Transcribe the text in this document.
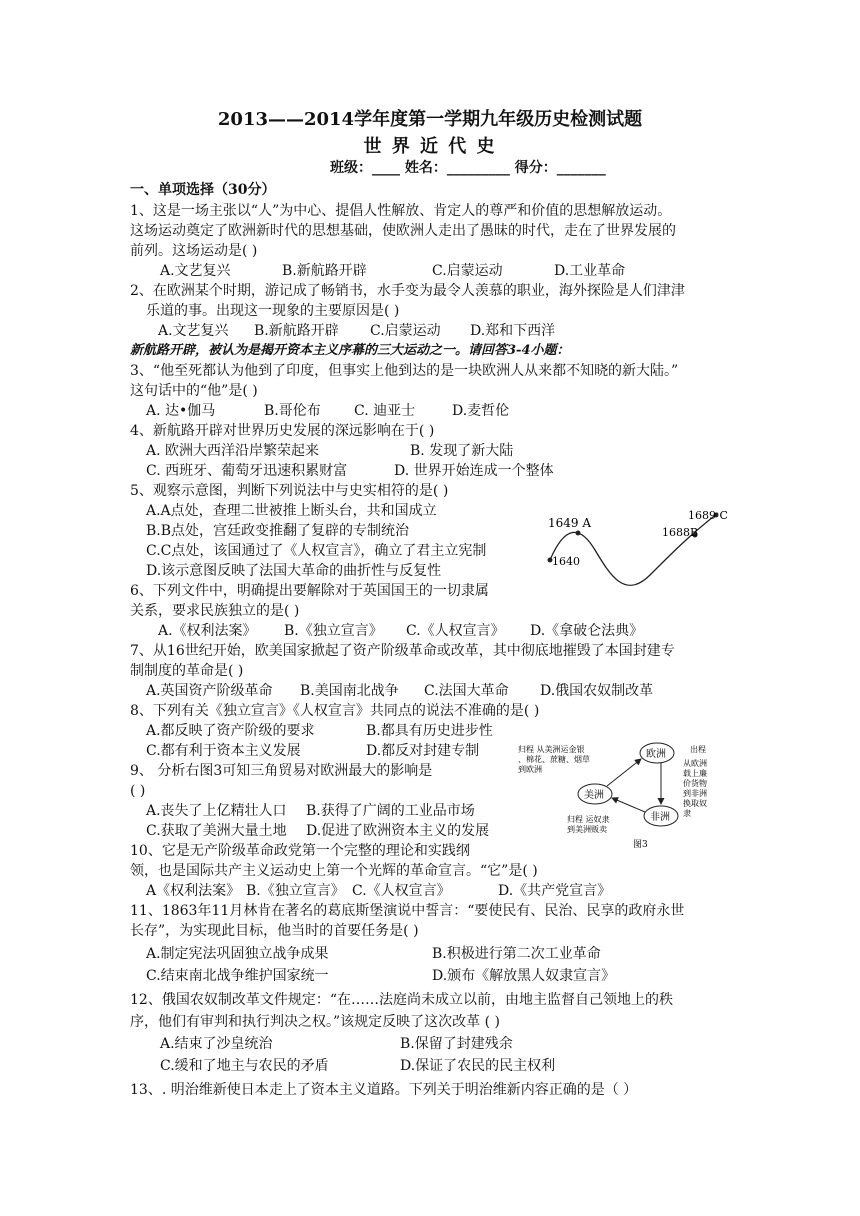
2013——2014学年度第一学期九年级历史检测试题
世 界 近 代 史
班级：____ 姓名：_________ 得分：_______
一、单项选择（30分）
1、这是一场主张以“人”为中心、提倡人性解放、肯定人的尊严和价值的思想解放运动。
这场运动奠定了欧洲新时代的思想基础，使欧洲人走出了愚昧的时代，走在了世界发展的
前列。这场运动是( )
A.文艺复兴	B.新航路开辟	C.启蒙运动	D.工业革命
2、在欧洲某个时期，游记成了畅销书，水手变为最令人羡慕的职业，海外探险是人们津津
乐道的事。出现这一现象的主要原因是( )
A.文艺复兴 B.新航路开辟 C.启蒙运动 D.郑和下西洋
新航路开辟，被认为是揭开资本主义序幕的三大运动之一。请回答3-4小题：
3、“他至死都认为他到了印度，但事实上他到达的是一块欧洲人从来都不知晓的新大陆。”
这句话中的“他”是( )
A. 达•伽马	B.哥伦布 C. 迪亚士	D.麦哲伦
4、新航路开辟对世界历史发展的深远影响在于( )
A. 欧洲大西洋沿岸繁荣起来	B. 发现了新大陆
C. 西班牙、葡萄牙迅速积累财富	D. 世界开始连成一个整体
5、观察示意图，判断下列说法中与史实相符的是( )
A.A点处，查理二世被推上断头台，共和国成立
B.B点处，宫廷政变推翻了复辟的专制统治
C.C点处，该国通过了《人权宣言》，确立了君主立宪制
D.该示意图反映了法国大革命的曲折性与反复性
1649 A
1640
1688B
1689 C
6、下列文件中，明确提出要解除对于英国国王的一切隶属
关系，要求民族独立的是( )
A.《权利法案》 B.《独立宣言》 C.《人权宣言》 D.《拿破仑法典》
7、从16世纪开始，欧美国家掀起了资产阶级革命或改革，其中彻底地摧毁了本国封建专
制制度的革命是( )
A.英国资产阶级革命 B.美国南北战争 C.法国大革命 D.俄国农奴制改革
8、下列有关《独立宣言》《人权宣言》共同点的说法不准确的是( )
A.都反映了资产阶级的要求	B.都具有历史进步性
C.都有利于资本主义发展	D.都反对封建专制
9、 分析右图3可知三角贸易对欧洲最大的影响是
( )
A.丧失了上亿精壮人口 B.获得了广阔的工业品市场
C.获取了美洲大量土地 D.促进了欧洲资本主义的发展
欧洲
美洲
非洲
归程 从美洲运金银
、棉花、蔗糖、烟草
到欧洲
出程
从欧洲
载上廉
价货物
到非洲
换取奴
隶
归程 运奴隶
到美洲贩卖
图3
10、它是无产阶级革命政党第一个完整的理论和实践纲
领，也是国际共产主义运动史上第一个光辉的革命宣言。“它”是( )
A《权利法案》 B.《独立宣言》 C.《人权宣言》	D.《共产党宣言》
11、1863年11月林肯在著名的葛底斯堡演说中誓言：“要使民有、民治、民享的政府永世
长存”，为实现此目标，他当时的首要任务是( )
A.制定宪法巩固独立战争成果	B.积极进行第二次工业革命
C.结束南北战争维护国家统一	D.颁布《解放黑人奴隶宣言》
12、俄国农奴制改革文件规定：“在……法庭尚未成立以前，由地主监督自己领地上的秩
序，他们有审判和执行判决之权。”该规定反映了这次改革 ( )
A.结束了沙皇统治	B.保留了封建残余
C.缓和了地主与农民的矛盾	D.保证了农民的民主权利
13、. 明治维新使日本走上了资本主义道路。下列关于明治维新内容正确的是（ ）
